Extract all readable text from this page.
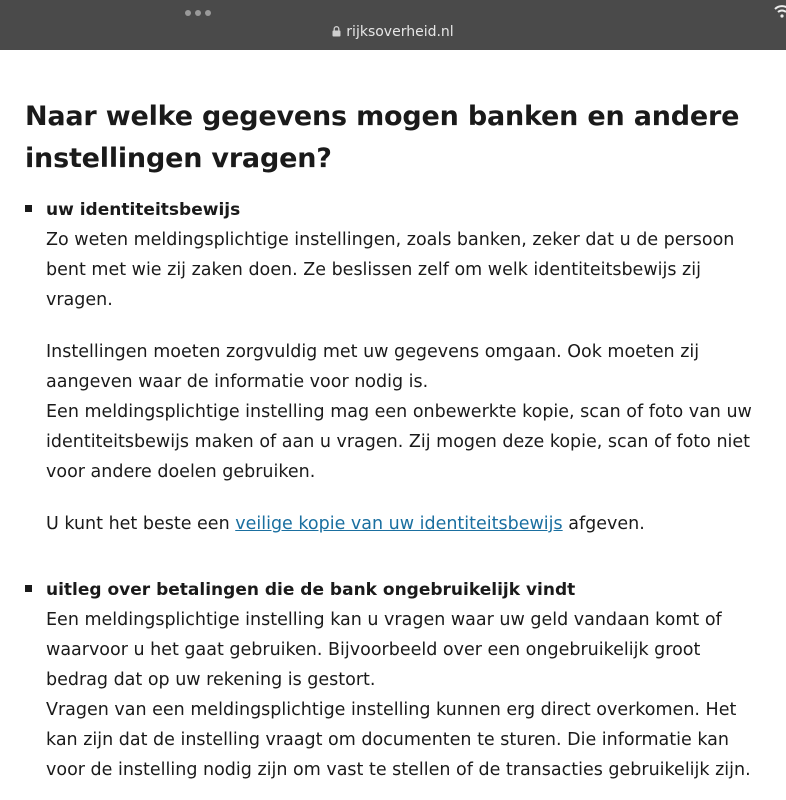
rijksoverheid.nl
Naar welke gegevens mogen banken en andere instellingen vragen?
uw identiteitsbewijs

Zo weten meldingsplichtige instellingen, zoals banken, zeker dat u de persoon bent met wie zij zaken doen. Ze beslissen zelf om welk identiteitsbewijs zij vragen.

Instellingen moeten zorgvuldig met uw gegevens omgaan. Ook moeten zij aangeven waar de informatie voor nodig is.

Een meldingsplichtige instelling mag een onbewerkte kopie, scan of foto van uw identiteitsbewijs maken of aan u vragen. Zij mogen deze kopie, scan of foto niet voor andere doelen gebruiken.

U kunt het beste een veilige kopie van uw identiteitsbewijs afgeven.

uitleg over betalingen die de bank ongebruikelijk vindt

Een meldingsplichtige instelling kan u vragen waar uw geld vandaan komt of waarvoor u het gaat gebruiken. Bijvoorbeeld over een ongebruikelijk groot bedrag dat op uw rekening is gestort.

Vragen van een meldingsplichtige instelling kunnen erg direct overkomen. Het kan zijn dat de instelling vraagt om documenten te sturen. Die informatie kan voor de instelling nodig zijn om vast te stellen of de transacties gebruikelijk zijn.
